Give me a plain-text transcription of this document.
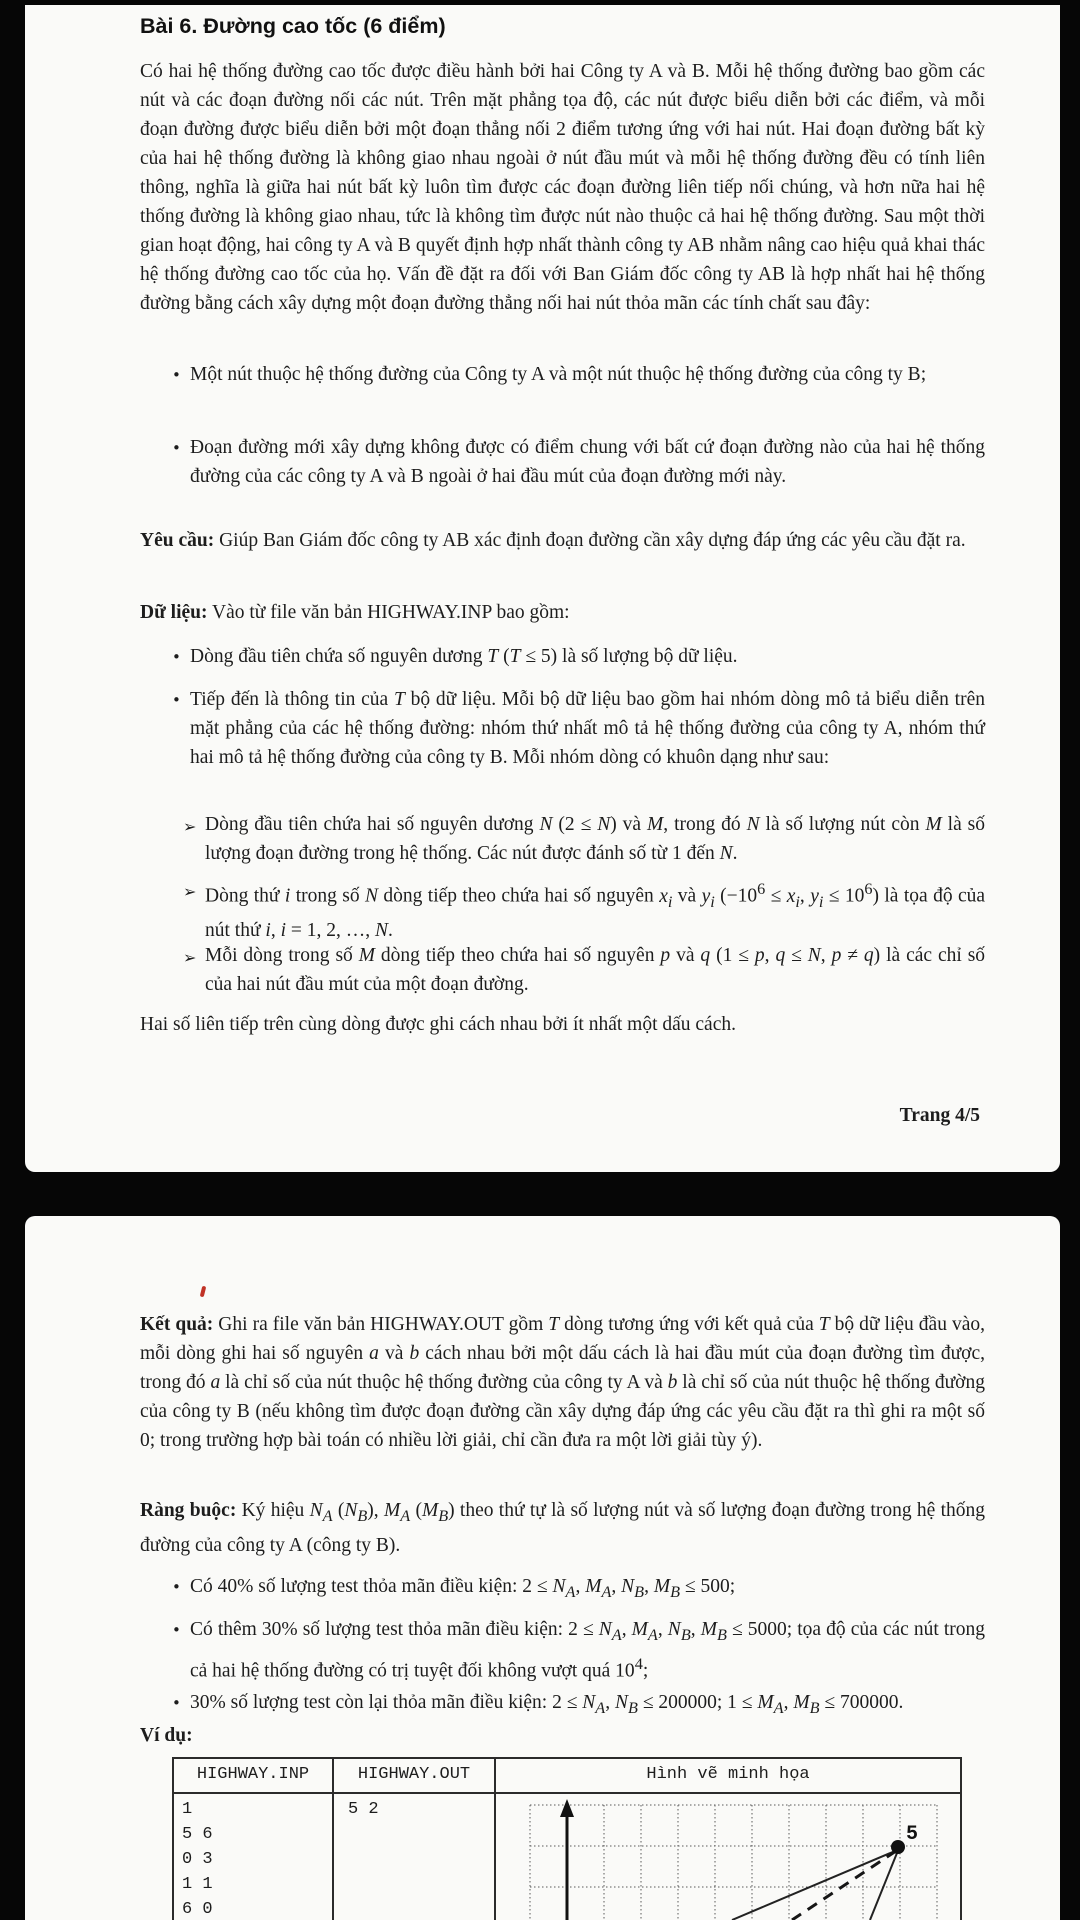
Bài 6. Đường cao tốc (6 điểm)
Có hai hệ thống đường cao tốc được điều hành bởi hai Công ty A và B. Mỗi hệ thống đường bao gồm các nút và các đoạn đường nối các nút. Trên mặt phẳng tọa độ, các nút được biểu diễn bởi các điểm, và mỗi đoạn đường được biểu diễn bởi một đoạn thẳng nối 2 điểm tương ứng với hai nút. Hai đoạn đường bất kỳ của hai hệ thống đường là không giao nhau ngoài ở nút đầu mút và mỗi hệ thống đường đều có tính liên thông, nghĩa là giữa hai nút bất kỳ luôn tìm được các đoạn đường liên tiếp nối chúng, và hơn nữa hai hệ thống đường là không giao nhau, tức là không tìm được nút nào thuộc cả hai hệ thống đường. Sau một thời gian hoạt động, hai công ty A và B quyết định hợp nhất thành công ty AB nhằm nâng cao hiệu quả khai thác hệ thống đường cao tốc của họ. Vấn đề đặt ra đối với Ban Giám đốc công ty AB là hợp nhất hai hệ thống đường bằng cách xây dựng một đoạn đường thẳng nối hai nút thỏa mãn các tính chất sau đây:
• Một nút thuộc hệ thống đường của Công ty A và một nút thuộc hệ thống đường của công ty B;
• Đoạn đường mới xây dựng không được có điểm chung với bất cứ đoạn đường nào của hai hệ thống đường của các công ty A và B ngoài ở hai đầu mút của đoạn đường mới này.
Yêu cầu: Giúp Ban Giám đốc công ty AB xác định đoạn đường cần xây dựng đáp ứng các yêu cầu đặt ra.
Dữ liệu: Vào từ file văn bản HIGHWAY.INP bao gồm:
• Dòng đầu tiên chứa số nguyên dương T (T ≤ 5) là số lượng bộ dữ liệu.
• Tiếp đến là thông tin của T bộ dữ liệu. Mỗi bộ dữ liệu bao gồm hai nhóm dòng mô tả biểu diễn trên mặt phẳng của các hệ thống đường: nhóm thứ nhất mô tả hệ thống đường của công ty A, nhóm thứ hai mô tả hệ thống đường của công ty B. Mỗi nhóm dòng có khuôn dạng như sau:
➢ Dòng đầu tiên chứa hai số nguyên dương N (2 ≤ N) và M, trong đó N là số lượng nút còn M là số lượng đoạn đường trong hệ thống. Các nút được đánh số từ 1 đến N.
➢ Dòng thứ i trong số N dòng tiếp theo chứa hai số nguyên $x_i$ và $y_i$ ($-10^6 \le x_i$, $y_i \le 10^6$) là tọa độ của nút thứ i, i = 1, 2, …, N.
➢ Mỗi dòng trong số M dòng tiếp theo chứa hai số nguyên p và q (1 ≤ p, q ≤ N, p ≠ q) là các chỉ số của hai nút đầu mút của một đoạn đường.
Hai số liên tiếp trên cùng dòng được ghi cách nhau bởi ít nhất một dấu cách.
Trang 4/5
Kết quả: Ghi ra file văn bản HIGHWAY.OUT gồm T dòng tương ứng với kết quả của T bộ dữ liệu đầu vào, mỗi dòng ghi hai số nguyên a và b cách nhau bởi một dấu cách là hai đầu mút của đoạn đường tìm được, trong đó a là chỉ số của nút thuộc hệ thống đường của công ty A và b là chỉ số của nút thuộc hệ thống đường của công ty B (nếu không tìm được đoạn đường cần xây dựng đáp ứng các yêu cầu đặt ra thì ghi ra một số 0; trong trường hợp bài toán có nhiều lời giải, chỉ cần đưa ra một lời giải tùy ý).
Ràng buộc: Ký hiệu $N_A$ $(N_B)$, $M_A$ $(M_B)$ theo thứ tự là số lượng nút và số lượng đoạn đường trong hệ thống đường của công ty A (công ty B).
• Có 40% số lượng test thỏa mãn điều kiện: $2 \le N_A$, $M_A$, $N_B$, $M_B \le 500$;
• Có thêm 30% số lượng test thỏa mãn điều kiện: $2 \le N_A$, $M_A$, $N_B$, $M_B \le 5000$; tọa độ của các nút trong cả hai hệ thống đường có trị tuyệt đối không vượt quá $10^4$;
• 30% số lượng test còn lại thỏa mãn điều kiện: $2 \le N_A$, $N_B \le 200000$; $1 \le M_A$, $M_B \le 700000$.
Ví dụ:
HIGHWAY.INP	HIGHWAY.OUT	Hình vẽ minh họa
1
5 6
0 3
1 1
6 0
5 2
5
